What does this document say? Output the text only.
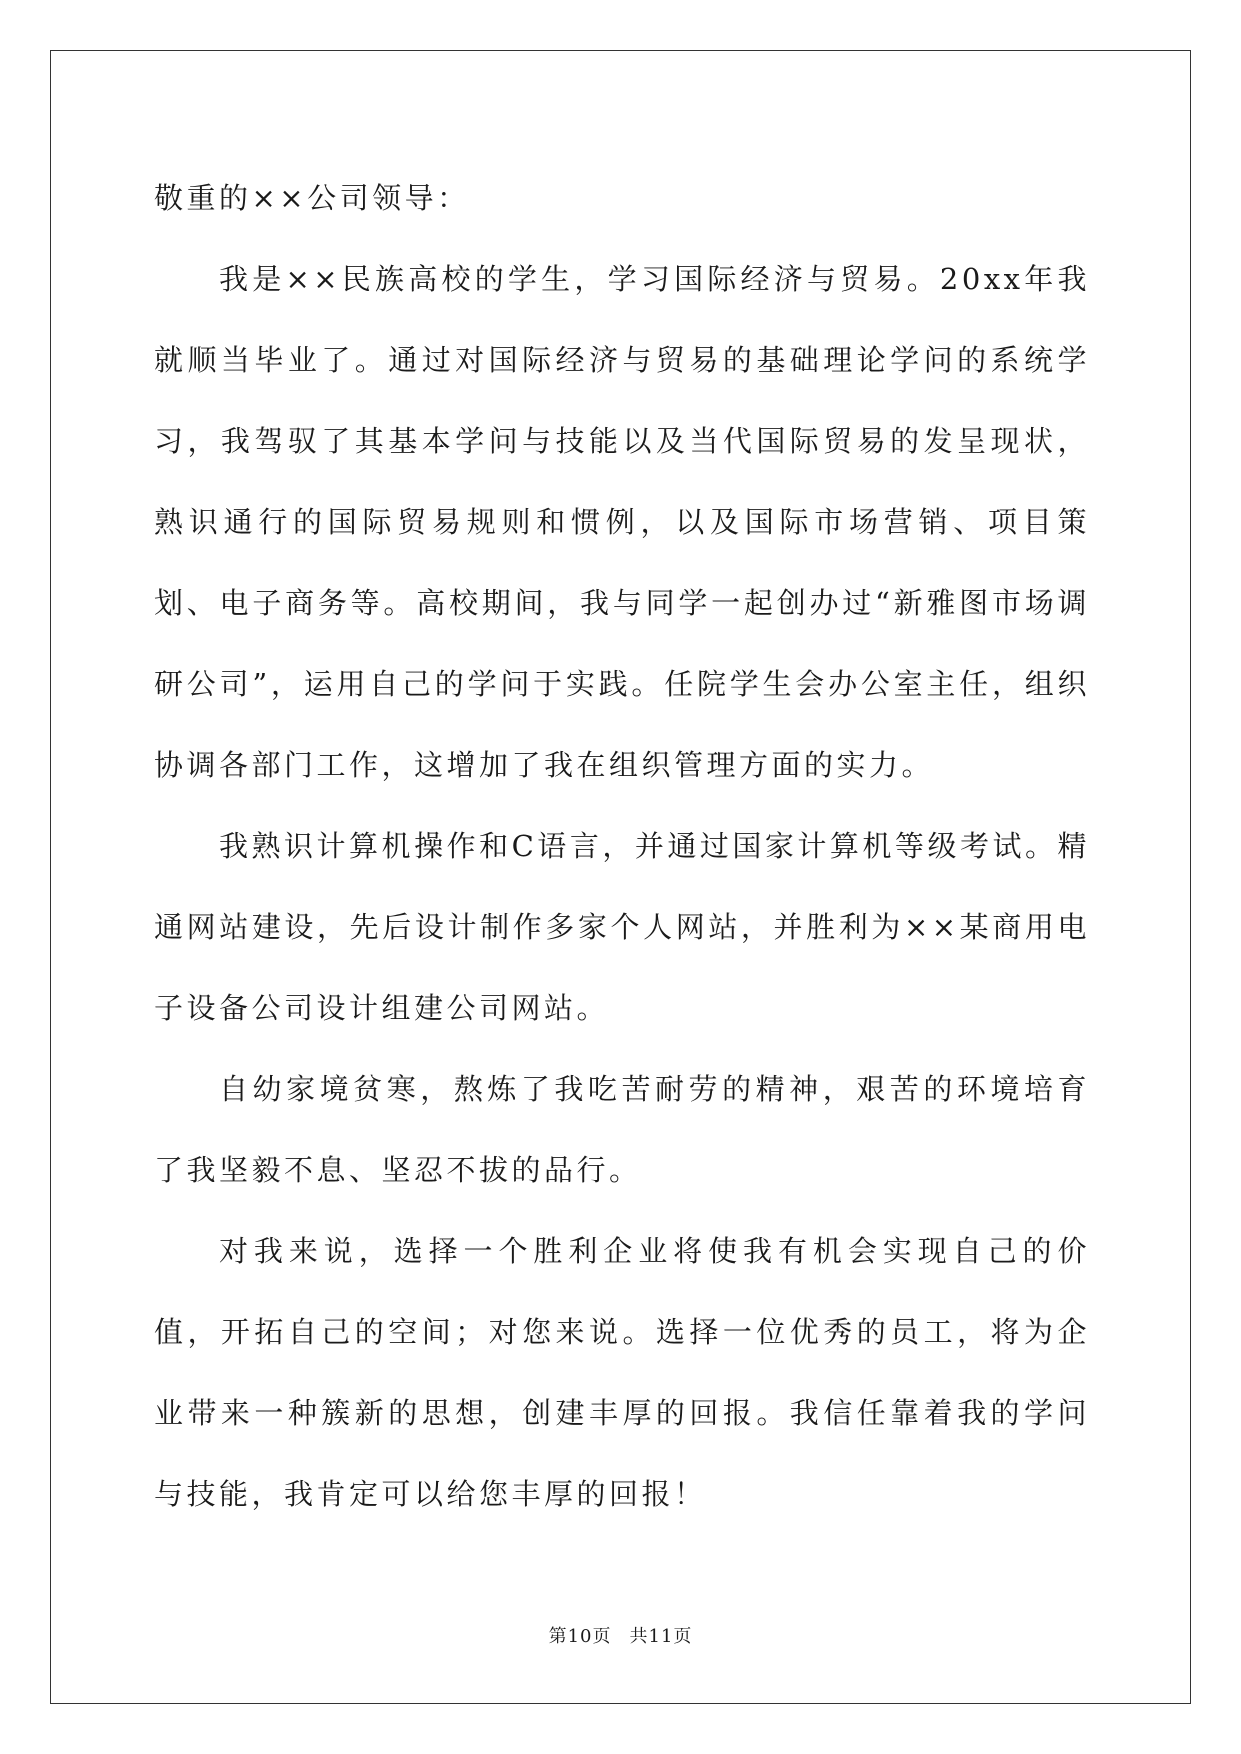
敬重的××公司领导：

我是××民族高校的学生，学习国际经济与贸易。20xx年我就顺当毕业了。通过对国际经济与贸易的基础理论学问的系统学习，我驾驭了其基本学问与技能以及当代国际贸易的发呈现状，熟识通行的国际贸易规则和惯例，以及国际市场营销、项目策划、电子商务等。高校期间，我与同学一起创办过“新雅图市场调研公司”，运用自己的学问于实践。任院学生会办公室主任，组织协调各部门工作，这增加了我在组织管理方面的实力。

我熟识计算机操作和C语言，并通过国家计算机等级考试。精通网站建设，先后设计制作多家个人网站，并胜利为××某商用电子设备公司设计组建公司网站。

自幼家境贫寒，熬炼了我吃苦耐劳的精神，艰苦的环境培育了我坚毅不息、坚忍不拔的品行。

对我来说，选择一个胜利企业将使我有机会实现自己的价值，开拓自己的空间；对您来说。选择一位优秀的员工，将为企业带来一种簇新的思想，创建丰厚的回报。我信任靠着我的学问与技能，我肯定可以给您丰厚的回报！

第10页 共11页
